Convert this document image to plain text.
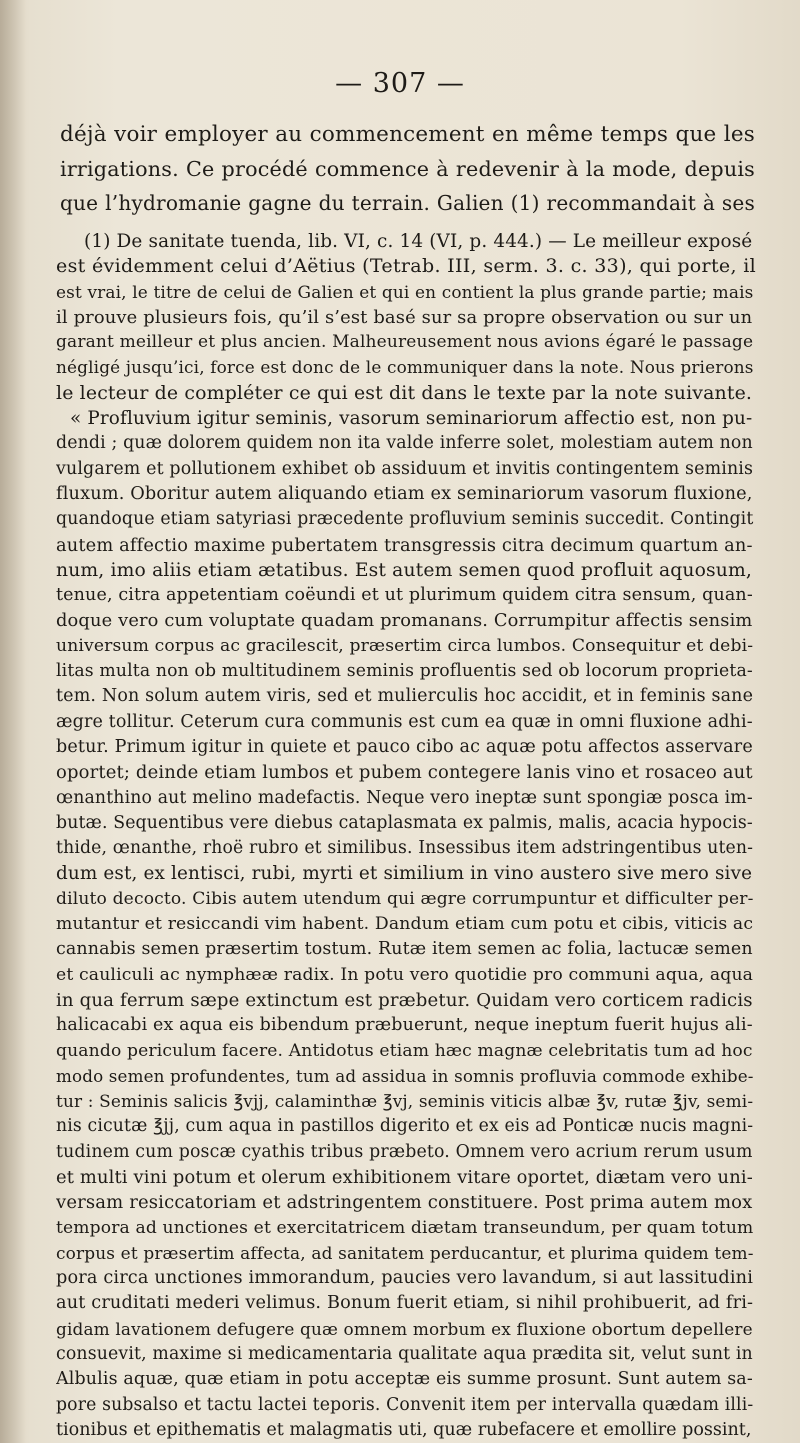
— 307 —
déjà voir employer au commencement en même temps que les
irrigations. Ce procédé commence à redevenir à la mode, depuis
que l’hydromanie gagne du terrain. Galien (1) recommandait à ses
(1) De sanitate tuenda, lib. VI, c. 14 (VI, p. 444.) — Le meilleur exposé
est évidemment celui d’Aëtius (Tetrab. III, serm. 3. c. 33), qui porte, il
est vrai, le titre de celui de Galien et qui en contient la plus grande partie; mais
il prouve plusieurs fois, qu’il s’est basé sur sa propre observation ou sur un
garant meilleur et plus ancien. Malheureusement nous avions égaré le passage
négligé jusqu’ici, force est donc de le communiquer dans la note. Nous prierons
le lecteur de compléter ce qui est dit dans le texte par la note suivante.
« Profluvium igitur seminis, vasorum seminariorum affectio est, non pu-
dendi ; quæ dolorem quidem non ita valde inferre solet, molestiam autem non
vulgarem et pollutionem exhibet ob assiduum et invitis contingentem seminis
fluxum. Oboritur autem aliquando etiam ex seminariorum vasorum fluxione,
quandoque etiam satyriasi præcedente profluvium seminis succedit. Contingit
autem affectio maxime pubertatem transgressis citra decimum quartum an-
num, imo aliis etiam ætatibus. Est autem semen quod profluit aquosum,
tenue, citra appetentiam coëundi et ut plurimum quidem citra sensum, quan-
doque vero cum voluptate quadam promanans. Corrumpitur affectis sensim
universum corpus ac gracilescit, præsertim circa lumbos. Consequitur et debi-
litas multa non ob multitudinem seminis profluentis sed ob locorum proprieta-
tem. Non solum autem viris, sed et mulierculis hoc accidit, et in feminis sane
ægre tollitur. Ceterum cura communis est cum ea quæ in omni fluxione adhi-
betur. Primum igitur in quiete et pauco cibo ac aquæ potu affectos asservare
oportet; deinde etiam lumbos et pubem contegere lanis vino et rosaceo aut
œnanthino aut melino madefactis. Neque vero ineptæ sunt spongiæ posca im-
butæ. Sequentibus vere diebus cataplasmata ex palmis, malis, acacia hypocis-
thide, œnanthe, rhoë rubro et similibus. Insessibus item adstringentibus uten-
dum est, ex lentisci, rubi, myrti et similium in vino austero sive mero sive
diluto decocto. Cibis autem utendum qui ægre corrumpuntur et difficulter per-
mutantur et resiccandi vim habent. Dandum etiam cum potu et cibis, viticis ac
cannabis semen præsertim tostum. Rutæ item semen ac folia, lactucæ semen
et cauliculi ac nymphææ radix. In potu vero quotidie pro communi aqua, aqua
in qua ferrum sæpe extinctum est præbetur. Quidam vero corticem radicis
halicacabi ex aqua eis bibendum præbuerunt, neque ineptum fuerit hujus ali-
quando periculum facere. Antidotus etiam hæc magnæ celebritatis tum ad hoc
modo semen profundentes, tum ad assidua in somnis profluvia commode exhibe-
tur : Seminis salicis ℥vjj, calaminthæ ℥vj, seminis viticis albæ ℥v, rutæ ℥jv, semi-
nis cicutæ ℥jj, cum aqua in pastillos digerito et ex eis ad Ponticæ nucis magni-
tudinem cum poscæ cyathis tribus præbeto. Omnem vero acrium rerum usum
et multi vini potum et olerum exhibitionem vitare oportet, diætam vero uni-
versam resiccatoriam et adstringentem constituere. Post prima autem mox
tempora ad unctiones et exercitatricem diætam transeundum, per quam totum
corpus et præsertim affecta, ad sanitatem perducantur, et plurima quidem tem-
pora circa unctiones immorandum, paucies vero lavandum, si aut lassitudini
aut cruditati mederi velimus. Bonum fuerit etiam, si nihil prohibuerit, ad fri-
gidam lavationem defugere quæ omnem morbum ex fluxione obortum depellere
consuevit, maxime si medicamentaria qualitate aqua prædita sit, velut sunt in
Albulis aquæ, quæ etiam in potu acceptæ eis summe prosunt. Sunt autem sa-
pore subsalso et tactu lactei teporis. Convenit item per intervalla quædam illi-
tionibus et epithematis et malagmatis uti, quæ rubefacere et emollire possint,
